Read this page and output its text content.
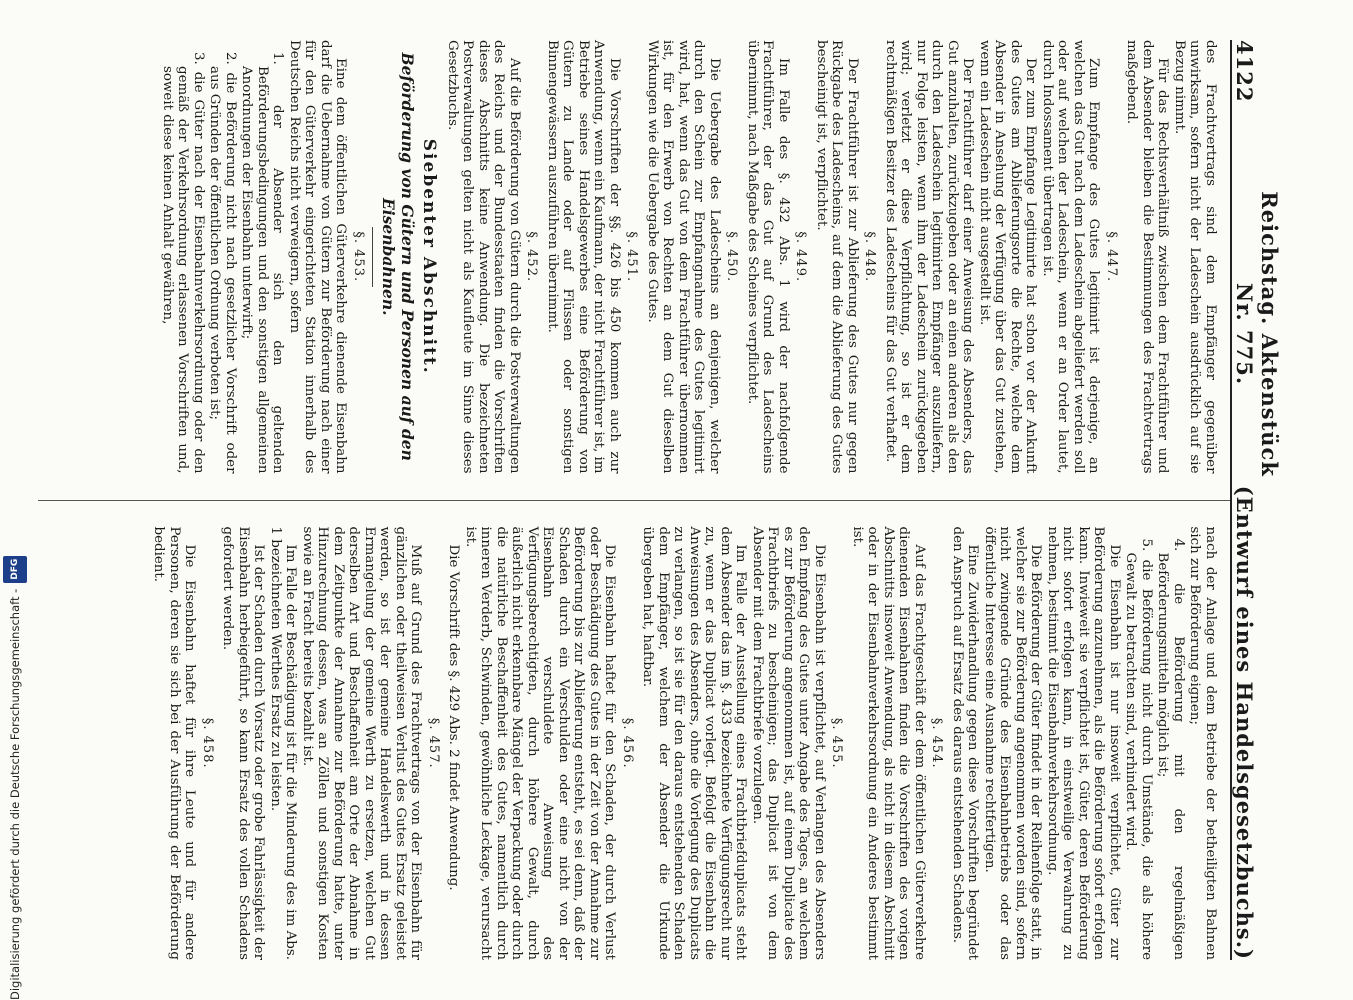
4122
Reichstag. Aktenstück Nr. 775.
(Entwurf eines Handelsgesetzbuchs.)

des Frachtvertrags sind dem Empfänger gegenüber unwirksam, sofern nicht der Ladeschein ausdrücklich auf sie Bezug nimmt.

Für das Rechtsverhältniß zwischen dem Frachtführer und dem Absender bleiben die Bestimmungen des Frachtvertrags maßgebend.

§. 447.

Zum Empfange des Gutes legitimirt ist derjenige, an welchen das Gut nach dem Ladeschein abgeliefert werden soll oder auf welchen der Ladeschein, wenn er an Order lautet, durch Indossament übertragen ist.

Der zum Empfange Legitimirte hat schon vor der Ankunft des Gutes am Ablieferungsorte die Rechte, welche dem Absender in Ansehung der Verfügung über das Gut zustehen, wenn ein Ladeschein nicht ausgestellt ist.

Der Frachtführer darf einer Anweisung des Absenders, das Gut anzuhalten, zurückzugeben oder an einen anderen als den durch den Ladeschein legitimirten Empfänger auszuliefern, nur Folge leisten, wenn ihm der Ladeschein zurückgegeben wird; verletzt er diese Verpflichtung, so ist er dem rechtmäßigen Besitzer des Ladescheins für das Gut verhaftet.

§. 448.

Der Frachtführer ist zur Ablieferung des Gutes nur gegen Rückgabe des Ladescheins, auf dem die Ablieferung des Gutes bescheinigt ist, verpflichtet.

§. 449.

Im Falle des §. 432 Abs. 1 wird der nachfolgende Frachtführer, der das Gut auf Grund des Ladescheins übernimmt, nach Maßgabe des Scheines verpflichtet.

§. 450.

Die Uebergabe des Ladescheins an denjenigen, welcher durch den Schein zur Empfangnahme des Gutes legitimirt wird, hat, wenn das Gut von dem Frachtführer übernommen ist, für den Erwerb von Rechten an dem Gut dieselben Wirkungen wie die Uebergabe des Gutes.

§. 451.

Die Vorschriften der §§. 426 bis 450 kommen auch zur Anwendung, wenn ein Kaufmann, der nicht Frachtführer ist, im Betriebe seines Handelsgewerbes eine Beförderung von Gütern zu Lande oder auf Flüssen oder sonstigen Binnengewässern auszuführen übernimmt.

§. 452.

Auf die Beförderung von Gütern durch die Postverwaltungen des Reichs und der Bundesstaaten finden die Vorschriften dieses Abschnitts keine Anwendung. Die bezeichneten Postverwaltungen gelten nicht als Kaufleute im Sinne dieses Gesetzbuchs.

Siebenter Abschnitt.
Beförderung von Gütern und Personen auf den Eisenbahnen.
§. 453.

Eine dem öffentlichen Güterverkehre dienende Eisenbahn darf die Uebernahme von Gütern zur Beförderung nach einer für den Güterverkehr eingerichteten Station innerhalb des Deutschen Reichs nicht verweigern, sofern

1. der Absender sich den geltenden Beförderungsbedingungen und den sonstigen allgemeinen Anordnungen der Eisenbahn unterwirft;

2. die Beförderung nicht nach gesetzlicher Vorschrift oder aus Gründen der öffentlichen Ordnung verboten ist;

3. die Güter nach der Eisenbahnverkehrsordnung oder den gemäß der Verkehrsordnung erlassenen Vorschriften und, soweit diese keinen Anhalt gewähren,

nach der Anlage und dem Betriebe der betheiligten Bahnen sich zur Beförderung eignen;

4. die Beförderung mit den regelmäßigen Beförderungsmitteln möglich ist;

5. die Beförderung nicht durch Umstände, die als höhere Gewalt zu betrachten sind, verhindert wird.

Die Eisenbahn ist nur insoweit verpflichtet, Güter zur Beförderung anzunehmen, als die Beförderung sofort erfolgen kann. Inwieweit sie verpflichtet ist, Güter, deren Beförderung nicht sofort erfolgen kann, in einstweilige Verwahrung zu nehmen, bestimmt die Eisenbahnverkehrsordnung.

Die Beförderung der Güter findet in der Reihenfolge statt, in welcher sie zur Beförderung angenommen worden sind, sofern nicht zwingende Gründe des Eisenbahnbetriebs oder das öffentliche Interesse eine Ausnahme rechtfertigen.

Eine Zuwiderhandlung gegen diese Vorschriften begründet den Anspruch auf Ersatz des daraus entstehenden Schadens.

§. 454.

Auf das Frachtgeschäft der dem öffentlichen Güterverkehre dienenden Eisenbahnen finden die Vorschriften des vorigen Abschnitts insoweit Anwendung, als nicht in diesem Abschnitt oder in der Eisenbahnverkehrsordnung ein Anderes bestimmt ist.

§. 455.

Die Eisenbahn ist verpflichtet, auf Verlangen des Absenders den Empfang des Gutes unter Angabe des Tages, an welchem es zur Beförderung angenommen ist, auf einem Duplicate des Frachtbriefs zu bescheinigen; das Duplicat ist von dem Absender mit dem Frachtbriefe vorzulegen.

Im Falle der Ausstellung eines Frachtbriefduplicats steht dem Absender das im §. 433 bezeichnete Verfügungsrecht nur zu, wenn er das Duplicat vorlegt. Befolgt die Eisenbahn die Anweisungen des Absenders, ohne die Vorlegung des Duplicats zu verlangen, so ist sie für den daraus entstehenden Schaden dem Empfänger, welchem der Absender die Urkunde übergeben hat, haftbar.

§. 456.

Die Eisenbahn haftet für den Schaden, der durch Verlust oder Beschädigung des Gutes in der Zeit von der Annahme zur Beförderung bis zur Ablieferung entsteht, es sei denn, daß der Schaden durch ein Verschulden oder eine nicht von der Eisenbahn verschuldete Anweisung des Verfügungsberechtigten, durch höhere Gewalt, durch äußerlich nicht erkennbare Mängel der Verpackung oder durch die natürliche Beschaffenheit des Gutes, namentlich durch inneren Verderb, Schwinden, gewöhnliche Leckage, verursacht ist.

Die Vorschrift des §. 429 Abs. 2 findet Anwendung.

§. 457.

Muß auf Grund des Frachtvertrags von der Eisenbahn für gänzlichen oder theilweisen Verlust des Gutes Ersatz geleistet werden, so ist der gemeine Handelswerth und in dessen Ermangelung der gemeine Werth zu ersetzen, welchen Gut derselben Art und Beschaffenheit am Orte der Abnahme in dem Zeitpunkte der Annahme zur Beförderung hatte, unter Hinzurechnung dessen, was an Zöllen und sonstigen Kosten sowie an Fracht bereits bezahlt ist.

Im Falle der Beschädigung ist für die Minderung des im Abs. 1 bezeichneten Werthes Ersatz zu leisten.

Ist der Schaden durch Vorsatz oder grobe Fahrlässigkeit der Eisenbahn herbeigeführt, so kann Ersatz des vollen Schadens gefordert werden.

§. 458.

Die Eisenbahn haftet für ihre Leute und für andere Personen, deren sie sich bei der Ausführung der Beförderung bedient.

Digitalisierung gefördert durch die Deutsche Forschungsgemeinschaft -
DFG
